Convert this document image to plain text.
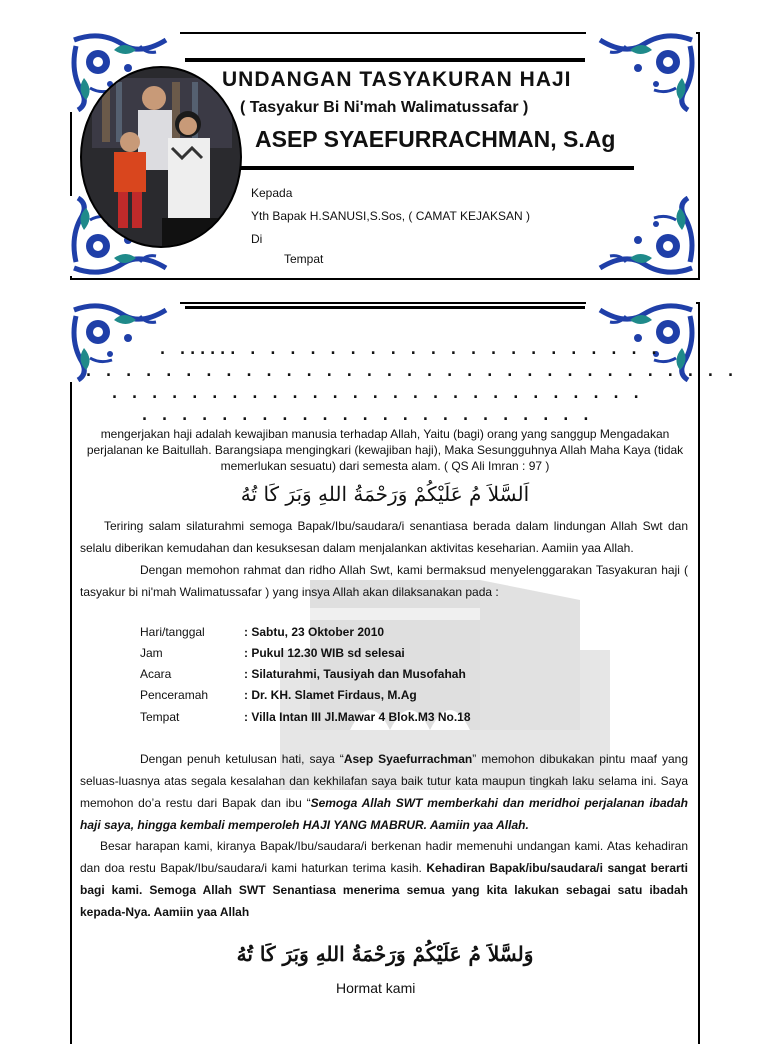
UNDANGAN TASYAKURAN HAJI
( Tasyakur Bi Ni'mah Walimatussafar )
ASEP SYAEFURRACHMAN, S.Ag
Kepada
Yth Bapak H.SANUSI,S.Sos, ( CAMAT KEJAKSAN )
Di
Tempat
. ...... . . . . . . . . . . . . . . . . . . . . .
. . . . . . . . . . . . . . . . . . . . . . . . . . . . . . . . .
. . . . . . . . . . . . . . . . . . . . . . . . . . .
. . . . . . . . . . . . . . . . . . . . . . .
mengerjakan haji adalah kewajiban manusia terhadap Allah, Yaitu (bagi) orang yang sanggup Mengadakan perjalanan ke Baitullah. Barangsiapa mengingkari (kewajiban haji), Maka Sesungguhnya Allah Maha Kaya (tidak memerlukan sesuatu) dari semesta alam. ( QS Ali Imran : 97 )
اَلسَّلاَ مُ عَلَيْكُمْ وَرَحْمَةُ اللهِ وَبَرَ كَا تُهُ
Teriring salam silaturahmi semoga Bapak/Ibu/saudara/i senantiasa berada dalam lindungan Allah Swt dan selalu diberikan kemudahan dan kesuksesan dalam menjalankan aktivitas keseharian. Aamiin yaa Allah.
Dengan memohon rahmat dan ridho Allah Swt, kami bermaksud menyelenggarakan Tasyakuran haji ( tasyakur bi ni'mah Walimatussafar ) yang insya Allah akan dilaksanakan pada :
Hari/tanggal	: Sabtu, 23 Oktober 2010
Jam	: Pukul 12.30 WIB sd selesai
Acara	: Silaturahmi, Tausiyah dan Musofahah
Penceramah	: Dr. KH. Slamet Firdaus, M.Ag
Tempat	: Villa Intan III Jl.Mawar 4 Blok.M3 No.18
Dengan penuh ketulusan hati, saya “Asep Syaefurrachman” memohon dibukakan pintu maaf yang seluas-luasnya atas segala kesalahan dan kekhilafan saya baik tutur kata maupun tingkah laku selama ini. Saya memohon do’a restu dari Bapak dan ibu “Semoga Allah SWT memberkahi dan meridhoi perjalanan ibadah haji saya, hingga kembali memperoleh HAJI YANG MABRUR. Aamiin yaa Allah.
Besar harapan kami, kiranya Bapak/Ibu/saudara/i berkenan hadir memenuhi undangan kami. Atas kehadiran dan doa restu Bapak/Ibu/saudara/i kami haturkan terima kasih. Kehadiran Bapak/ibu/saudara/i sangat berarti bagi kami. Semoga Allah SWT Senantiasa menerima semua yang kita lakukan sebagai satu ibadah kepada-Nya. Aamiin yaa Allah
وَلسَّلاَ مُ عَلَيْكُمْ وَرَحْمَةُ اللهِ وَبَرَ كَا تُهُ
Hormat kami
